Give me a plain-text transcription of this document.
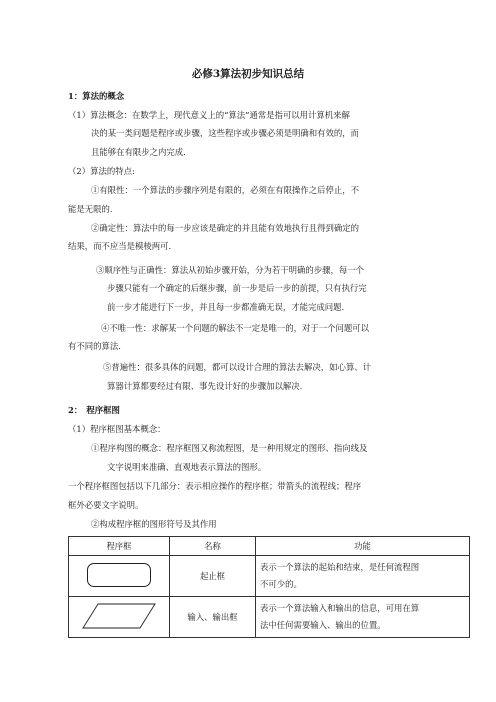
必修3算法初步知识总结
1：算法的概念
（1）算法概念：在数学上，现代意义上的“算法”通常是指可以用计算机来解
决的某一类问题是程序或步骤，这些程序或步骤必须是明确和有效的，而
且能够在有限步之内完成.
（2）算法的特点:
①有限性：一个算法的步骤序列是有限的，必须在有限操作之后停止，不
能是无限的.
②确定性：算法中的每一步应该是确定的并且能有效地执行且得到确定的
结果，而不应当是模棱两可.
③顺序性与正确性：算法从初始步骤开始，分为若干明确的步骤，每一个
步骤只能有一个确定的后继步骤，前一步是后一步的前提，只有执行完
前一步才能进行下一步，并且每一步都准确无误，才能完成问题.
④不唯一性：求解某一个问题的解法不一定是唯一的，对于一个问题可以
有不同的算法.
⑤普遍性：很多具体的问题，都可以设计合理的算法去解决，如心算、计
算器计算都要经过有限、事先设计好的步骤加以解决.
2：　程序框图
（1）程序框图基本概念：
①程序构图的概念：程序框图又称流程图，是一种用规定的图形、指向线及
文字说明来准确、直观地表示算法的图形。
一个程序框图包括以下几部分：表示相应操作的程序框；带箭头的流程线；程序
框外必要文字说明。
②构成程序框的图形符号及其作用
程序框	名称	功能
	起止框	表示一个算法的起始和结束，是任何流程图
不可少的。

	输入、输出框	表示一个算法输入和输出的信息，可用在算
法中任何需要输入、输出的位置。
